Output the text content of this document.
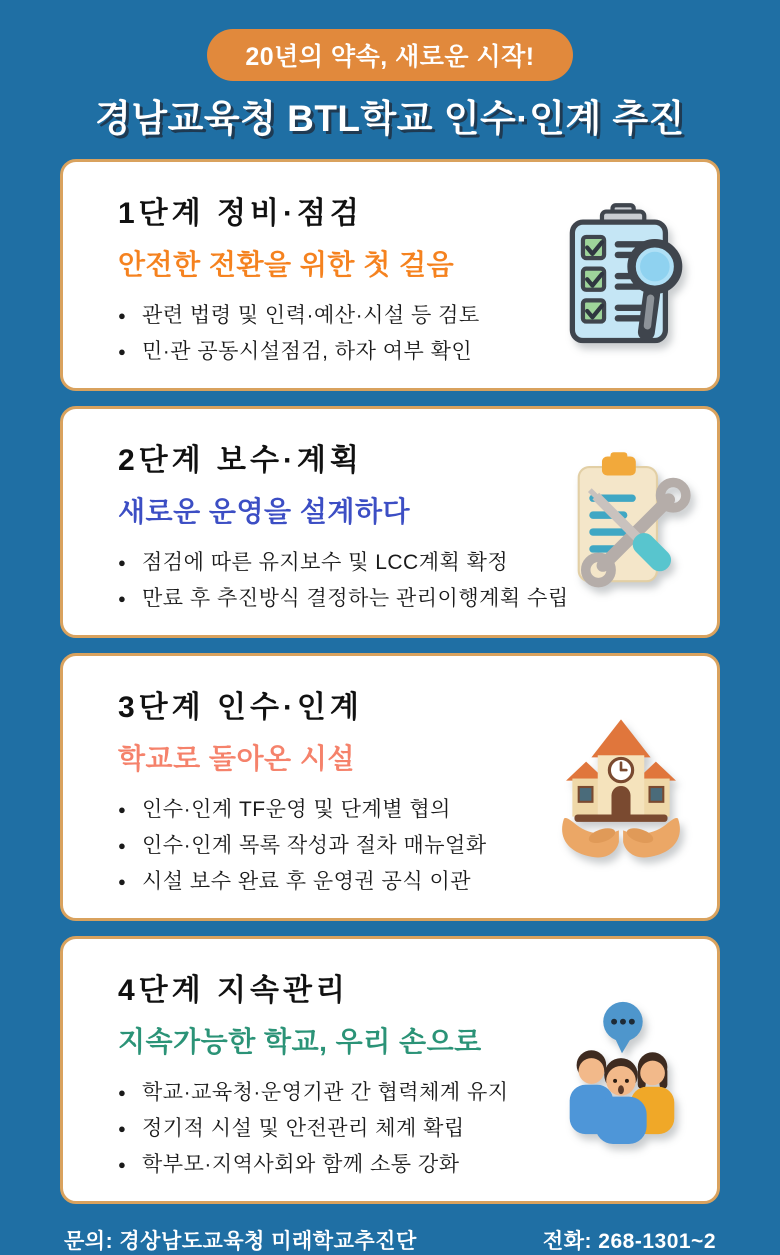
20년의 약속, 새로운 시작!
경남교육청 BTL학교 인수·인계 추진
1단계 정비·점검
안전한 전환을 위한 첫 걸음
● 관련 법령 및 인력·예산·시설 등 검토
● 민·관 공동시설점검, 하자 여부 확인
2단계 보수·계획
새로운 운영을 설계하다
● 점검에 따른 유지보수 및 LCC계획 확정
● 만료 후 추진방식 결정하는 관리이행계획 수립
3단계 인수·인계
학교로 돌아온 시설
● 인수·인계 TF운영 및 단계별 협의
● 인수·인계 목록 작성과 절차 매뉴얼화
● 시설 보수 완료 후 운영권 공식 이관
4단계 지속관리
지속가능한 학교, 우리 손으로
● 학교·교육청·운영기관 간 협력체계 유지
● 정기적 시설 및 안전관리 체계 확립
● 학부모·지역사회와 함께 소통 강화
문의: 경상남도교육청 미래학교추진단	전화: 268-1301~2
